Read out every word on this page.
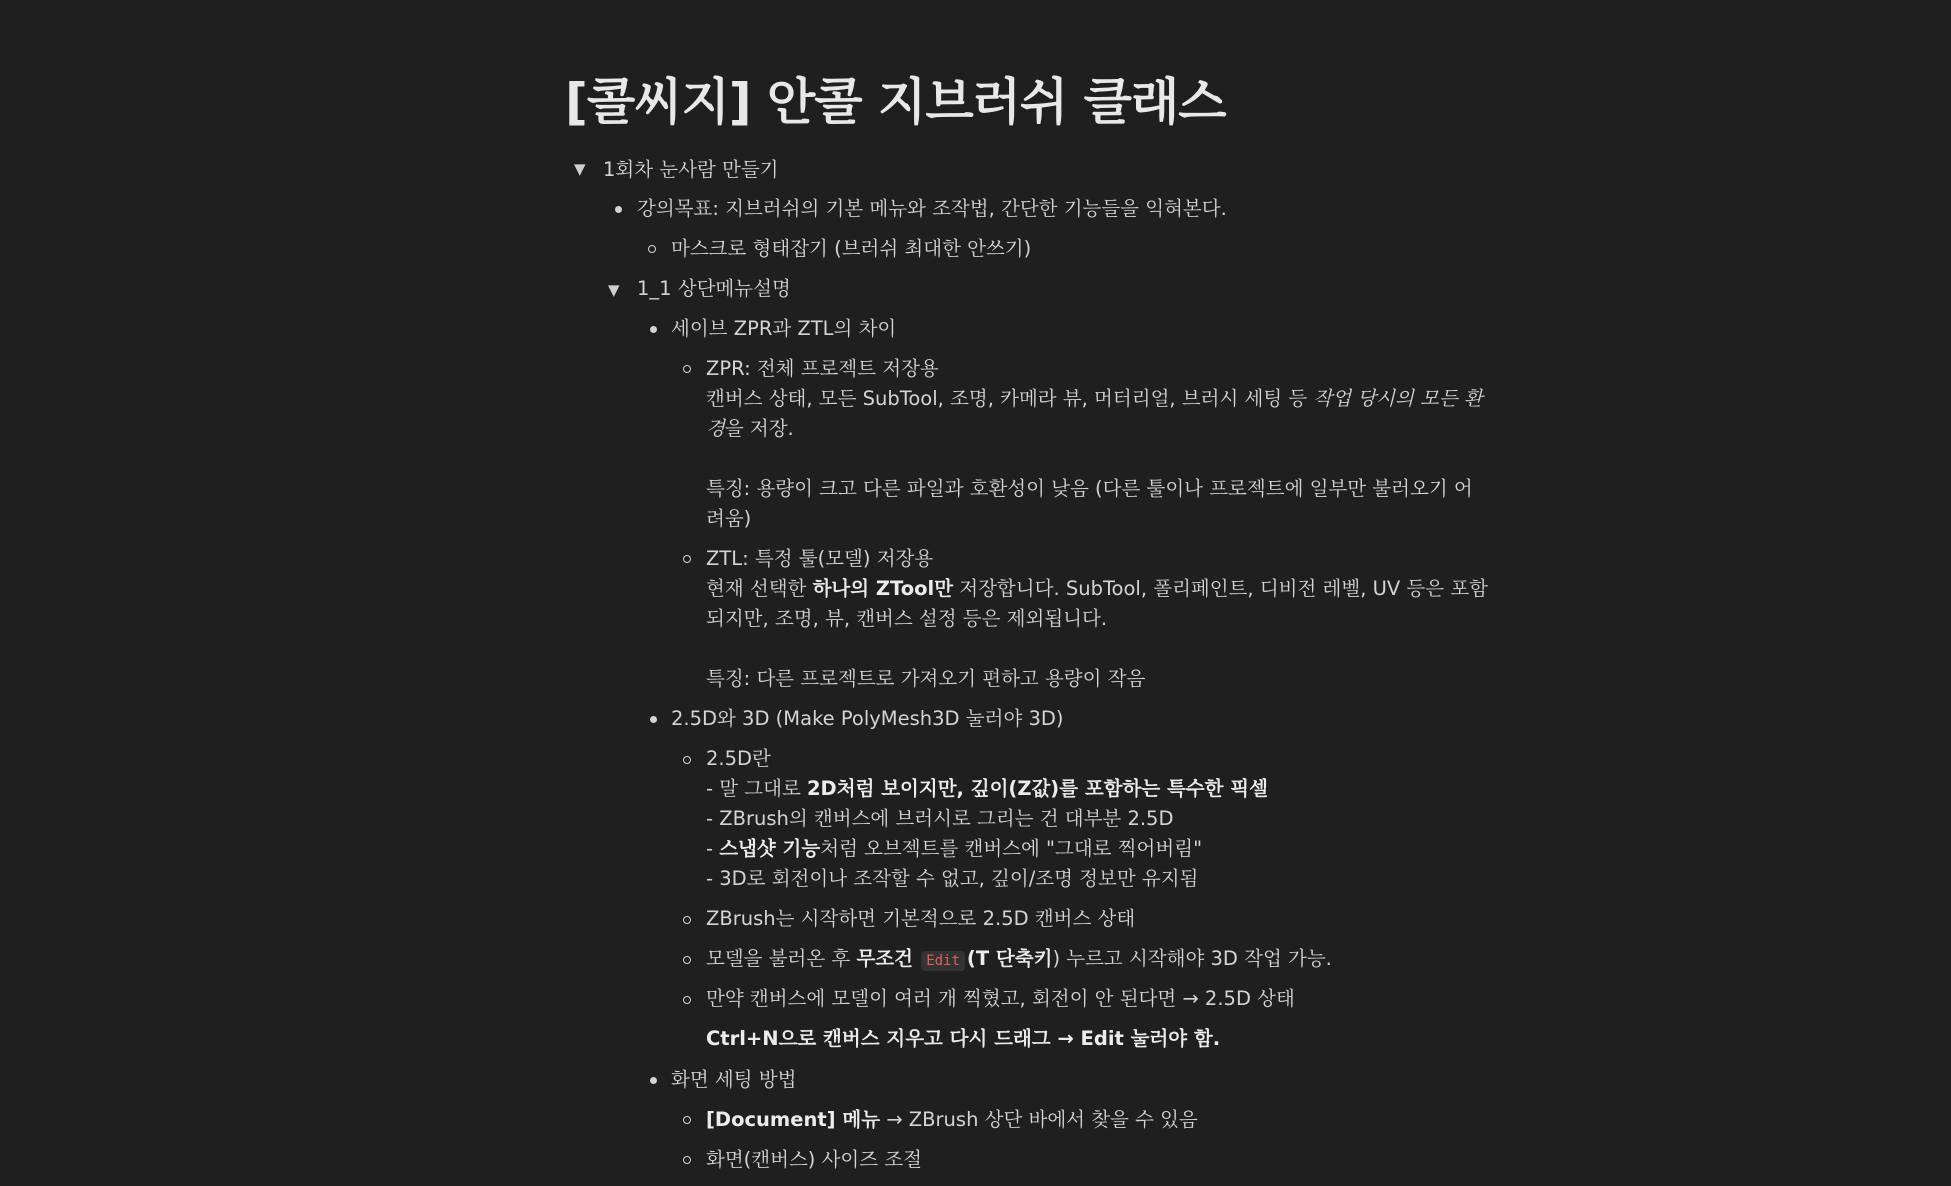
[콜씨지] 안콜 지브러쉬 클래스
▼ 1회차 눈사람 만들기
강의목표: 지브러쉬의 기본 메뉴와 조작법, 간단한 기능들을 익혀본다.
마스크로 형태잡기 (브러쉬 최대한 안쓰기)
▼ 1_1 상단메뉴설명
세이브 ZPR과 ZTL의 차이
ZPR: 전체 프로젝트 저장용
캔버스 상태, 모든 SubTool, 조명, 카메라 뷰, 머터리얼, 브러시 세팅 등 작업 당시의 모든 환
경을 저장.
특징: 용량이 크고 다른 파일과 호환성이 낮음 (다른 툴이나 프로젝트에 일부만 불러오기 어
려움)
ZTL: 특정 툴(모델) 저장용
현재 선택한 하나의 ZTool만 저장합니다. SubTool, 폴리페인트, 디비전 레벨, UV 등은 포함
되지만, 조명, 뷰, 캔버스 설정 등은 제외됩니다.
특징: 다른 프로젝트로 가져오기 편하고 용량이 작음
2.5D와 3D (Make PolyMesh3D 눌러야 3D)
2.5D란
- 말 그대로 2D처럼 보이지만, 깊이(Z값)를 포함하는 특수한 픽셀
- ZBrush의 캔버스에 브러시로 그리는 건 대부분 2.5D
- 스냅샷 기능처럼 오브젝트를 캔버스에 "그대로 찍어버림"
- 3D로 회전이나 조작할 수 없고, 깊이/조명 정보만 유지됨
ZBrush는 시작하면 기본적으로 2.5D 캔버스 상태
모델을 불러온 후 무조건 Edit (T 단축키) 누르고 시작해야 3D 작업 가능.
만약 캔버스에 모델이 여러 개 찍혔고, 회전이 안 된다면 → 2.5D 상태
Ctrl+N으로 캔버스 지우고 다시 드래그 → Edit 눌러야 함.
화면 세팅 방법
[Document] 메뉴 → ZBrush 상단 바에서 찾을 수 있음
화면(캔버스) 사이즈 조절
